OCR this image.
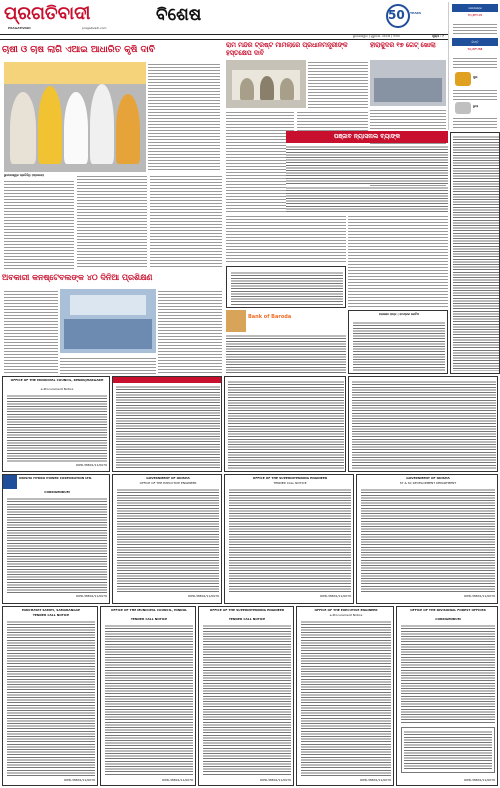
ପ୍ରଗତିବାଦୀ
PRAGATIVADI	pragativadi.com
ବିଶେଷ	50	YEARS
ଭୁବନେଶ୍ୱର | ଗୁରୁବାର, ୭୫ବର୍ଷ | ୨୦୨୫	ପୃଷ୍ଠା : ୯
ସେନସେକ୍ସ
୮୦,୭୯୨.୪୨
ନିଫ୍ଟି
୨୪,୬୯୯.୩୫
ସୁନା
ରୁପା
ଚାଷୀ ଓ ଚାଷ ଲାଗି ଏଆଇ ଆଧାରିତ କୃଷି ଦାବି
ଭୁବନେଶ୍ୱର ପ୍ରତିନିଧି (ପ୍ରକାଶ)
ଅବକାରୀ କନଷ୍ଟେବଲଙ୍କ ୪୦ ଦିନିଆ ପ୍ରଶିକ୍ଷଣ
ରାମ ମନ୍ଦିର ଟ୍ରଷ୍ଟ ମାମଲାରେ ପ୍ରଧାନମନ୍ତ୍ରୀଙ୍କ ହସ୍ତକ୍ଷେପ ଦାବି
ହୀରାକୁଦର ୧୭ ଗେଟ୍ ଖୋଲା
ପଞ୍ଜାବ ନ୍ୟାସନାଲ ବ୍ୟାଙ୍କ
Bank of Baroda	ଘୋଷଣା ପତ୍ର | ଟେଣ୍ଡର ନୋଟିସ
OFFICE OF THE MUNICIPAL COUNCIL, KENDUJHARGARH
e-Procurement Notice
OIPR-38801/11/0076
ODISHA HYDRO POWER CORPORATION LTD.
CORRIGENDUM
OIPR-38801/11/0076
GOVERNMENT OF ODISHA
OFFICE OF THE EXECUTIVE ENGINEER
OIPR-38801/11/0076
OFFICE OF THE SUPERINTENDING ENGINEER
TENDER CALL NOTICE
OIPR-38801/11/0076
GOVERNMENT OF ODISHA
ST & SC DEVELOPMENT DEPARTMENT
OIPR-38801/11/0076
PANCHAYAT SAMITI, SAMARANGAP
TENDER CALL NOTICE
OIPR-38801/11/0076
OFFICE OF THE MUNICIPAL COUNCIL, HINDOL
TENDER CALL NOTICE
OIPR-38801/11/0076
OFFICE OF THE SUPERINTENDING ENGINEER
TENDER CALL NOTICE
OIPR-38801/11/0076
OFFICE OF THE EXECUTIVE ENGINEER
e-Procurement Notice
OIPR-38801/11/0076
OFFICE OF THE DIVISIONAL FOREST OFFICER
CORRIGENDUM
OIPR-38801/11/0076
